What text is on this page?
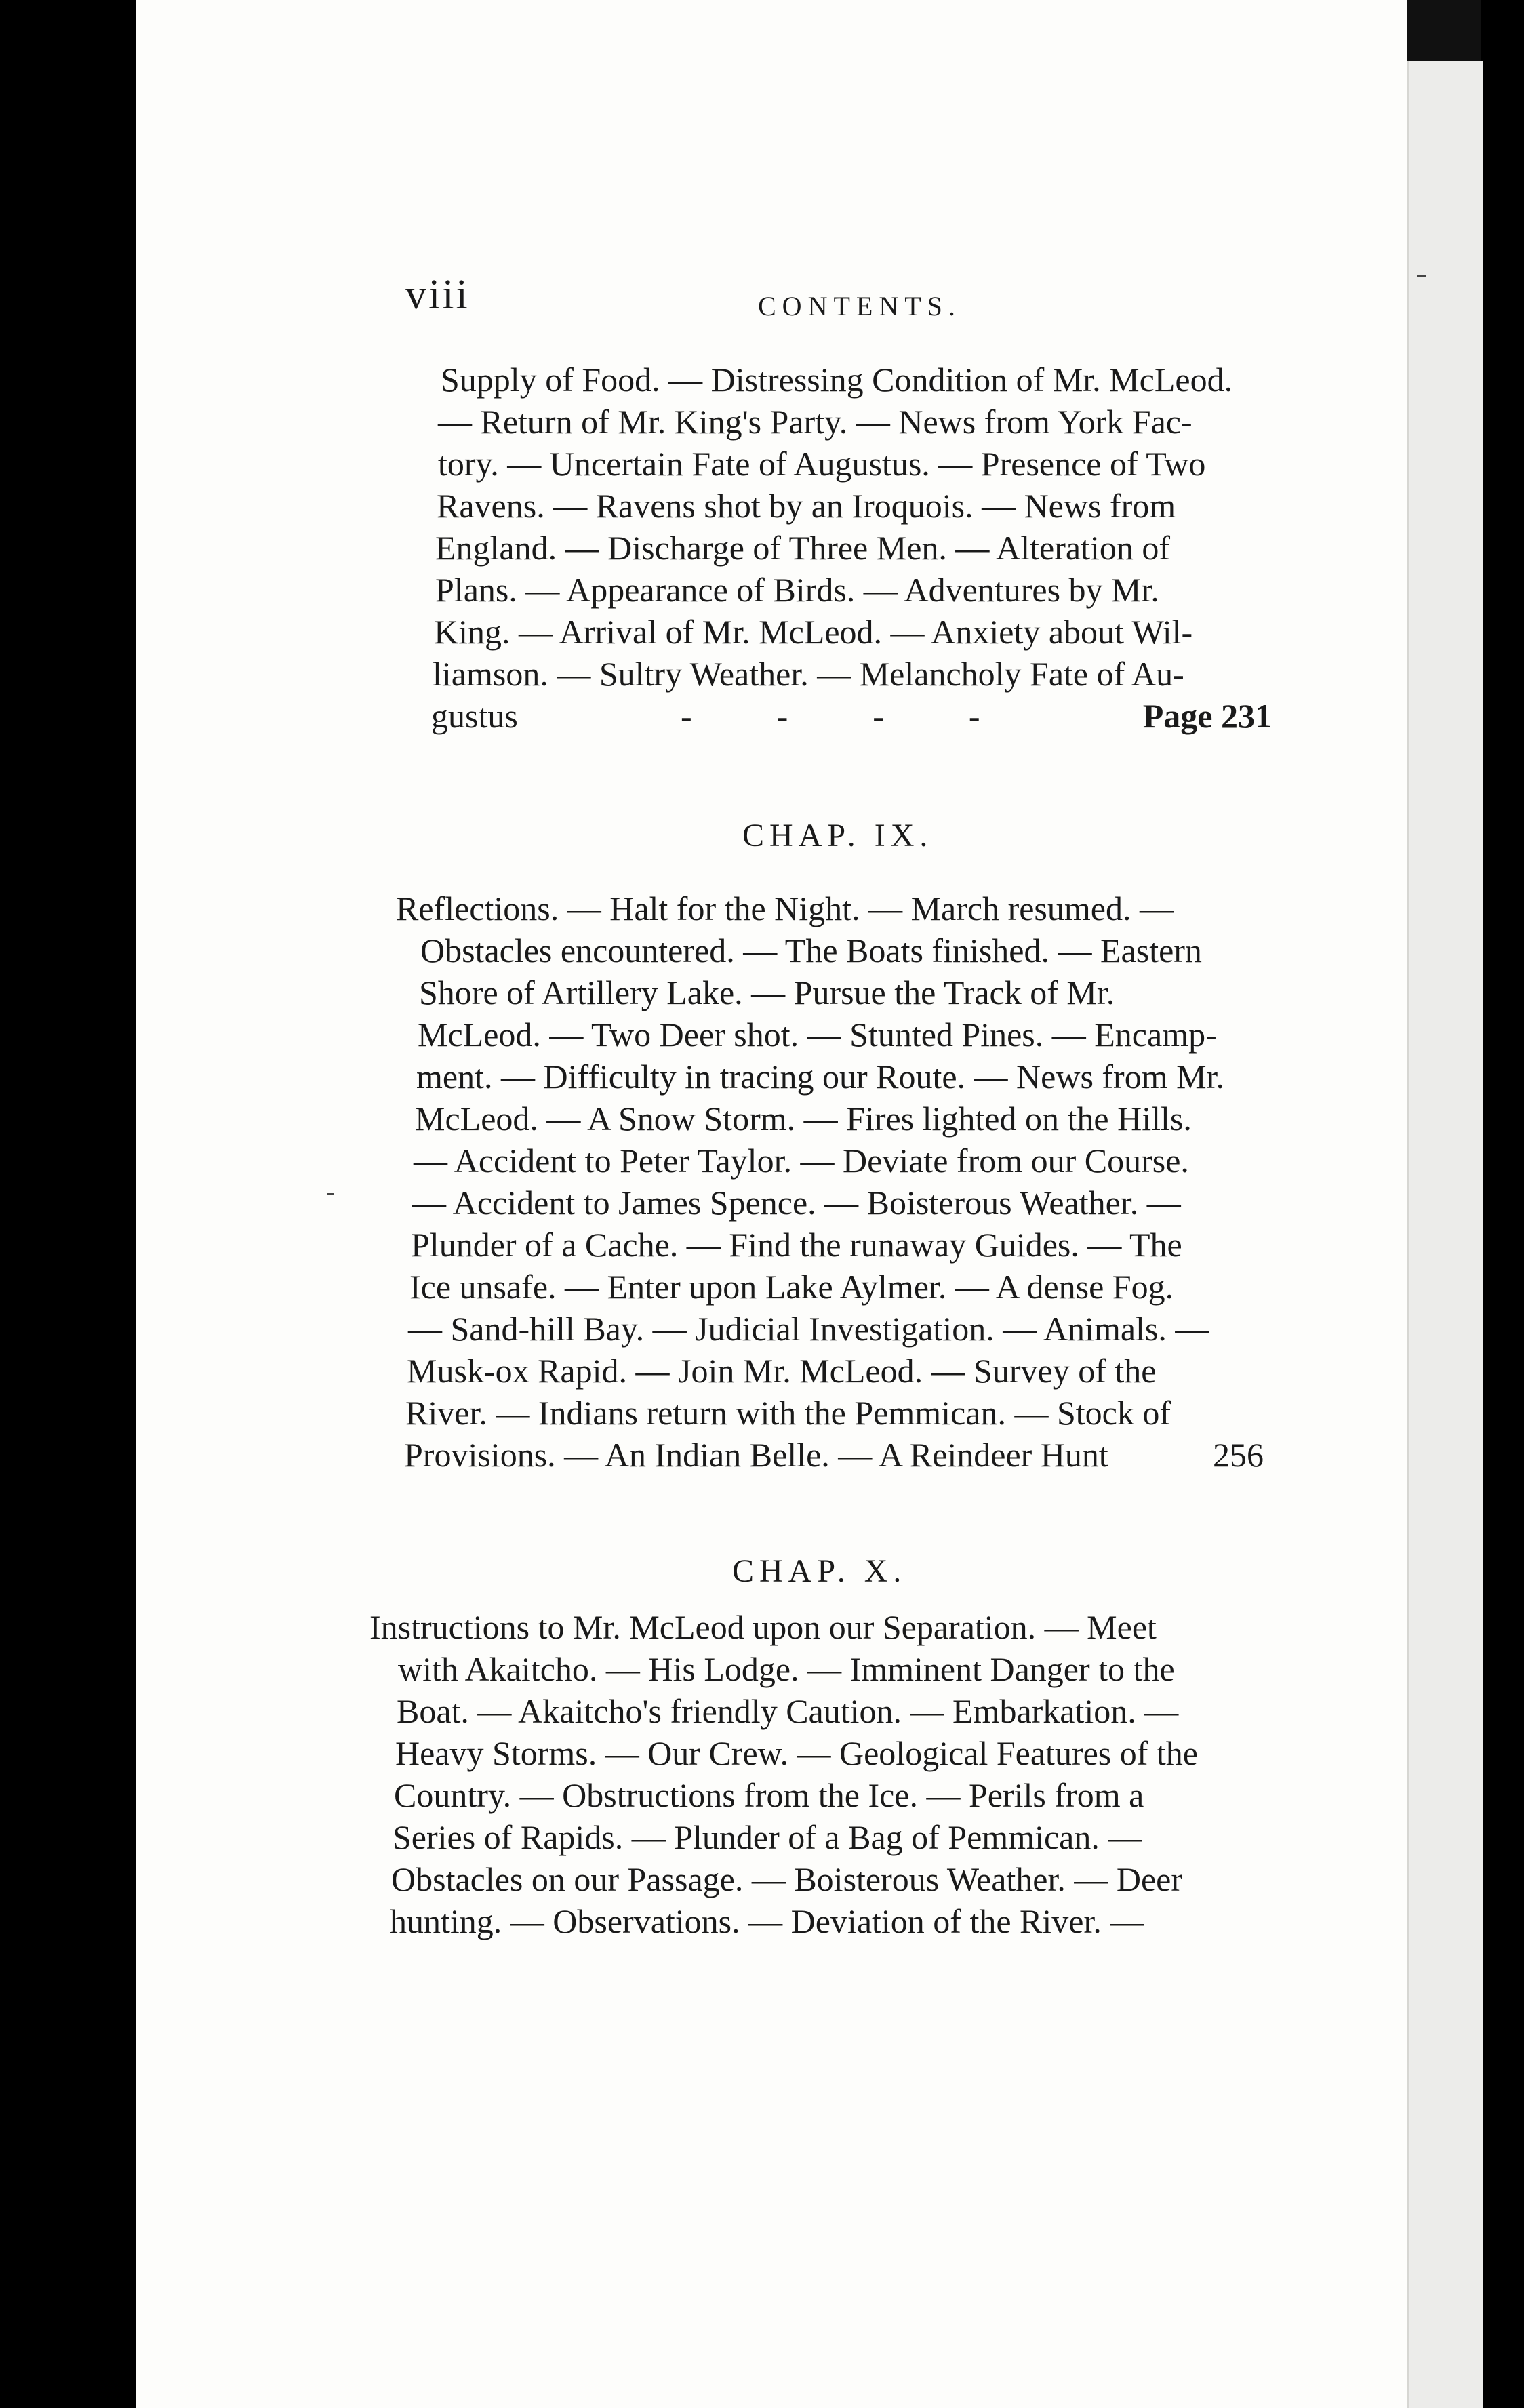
viii	CONTENTS.
Supply of Food. — Distressing Condition of Mr. McLeod.
— Return of Mr. King's Party. — News from York Fac-
tory. — Uncertain Fate of Augustus. — Presence of Two
Ravens. — Ravens shot by an Iroquois. — News from
England. — Discharge of Three Men. — Alteration of
Plans. — Appearance of Birds. — Adventures by Mr.
King. — Arrival of Mr. McLeod. — Anxiety about Wil-
liamson. — Sultry Weather. — Melancholy Fate of Au-
gustus	-          -          -          -	Page 231
CHAP. IX.
Reflections. — Halt for the Night. — March resumed. —
Obstacles encountered. — The Boats finished. — Eastern
Shore of Artillery Lake. — Pursue the Track of Mr.
McLeod. — Two Deer shot. — Stunted Pines. — Encamp-
ment. — Difficulty in tracing our Route. — News from Mr.
McLeod. — A Snow Storm. — Fires lighted on the Hills.
— Accident to Peter Taylor. — Deviate from our Course.
— Accident to James Spence. — Boisterous Weather. —
Plunder of a Cache. — Find the runaway Guides. — The
Ice unsafe. — Enter upon Lake Aylmer. — A dense Fog.
— Sand-hill Bay. — Judicial Investigation. — Animals. —
Musk-ox Rapid. — Join Mr. McLeod. — Survey of the
River. — Indians return with the Pemmican. — Stock of
Provisions. — An Indian Belle. — A Reindeer Hunt	256
CHAP. X.
Instructions to Mr. McLeod upon our Separation. — Meet
with Akaitcho. — His Lodge. — Imminent Danger to the
Boat. — Akaitcho's friendly Caution. — Embarkation. —
Heavy Storms. — Our Crew. — Geological Features of the
Country. — Obstructions from the Ice. — Perils from a
Series of Rapids. — Plunder of a Bag of Pemmican. —
Obstacles on our Passage. — Boisterous Weather. — Deer
hunting. — Observations. — Deviation of the River. —
